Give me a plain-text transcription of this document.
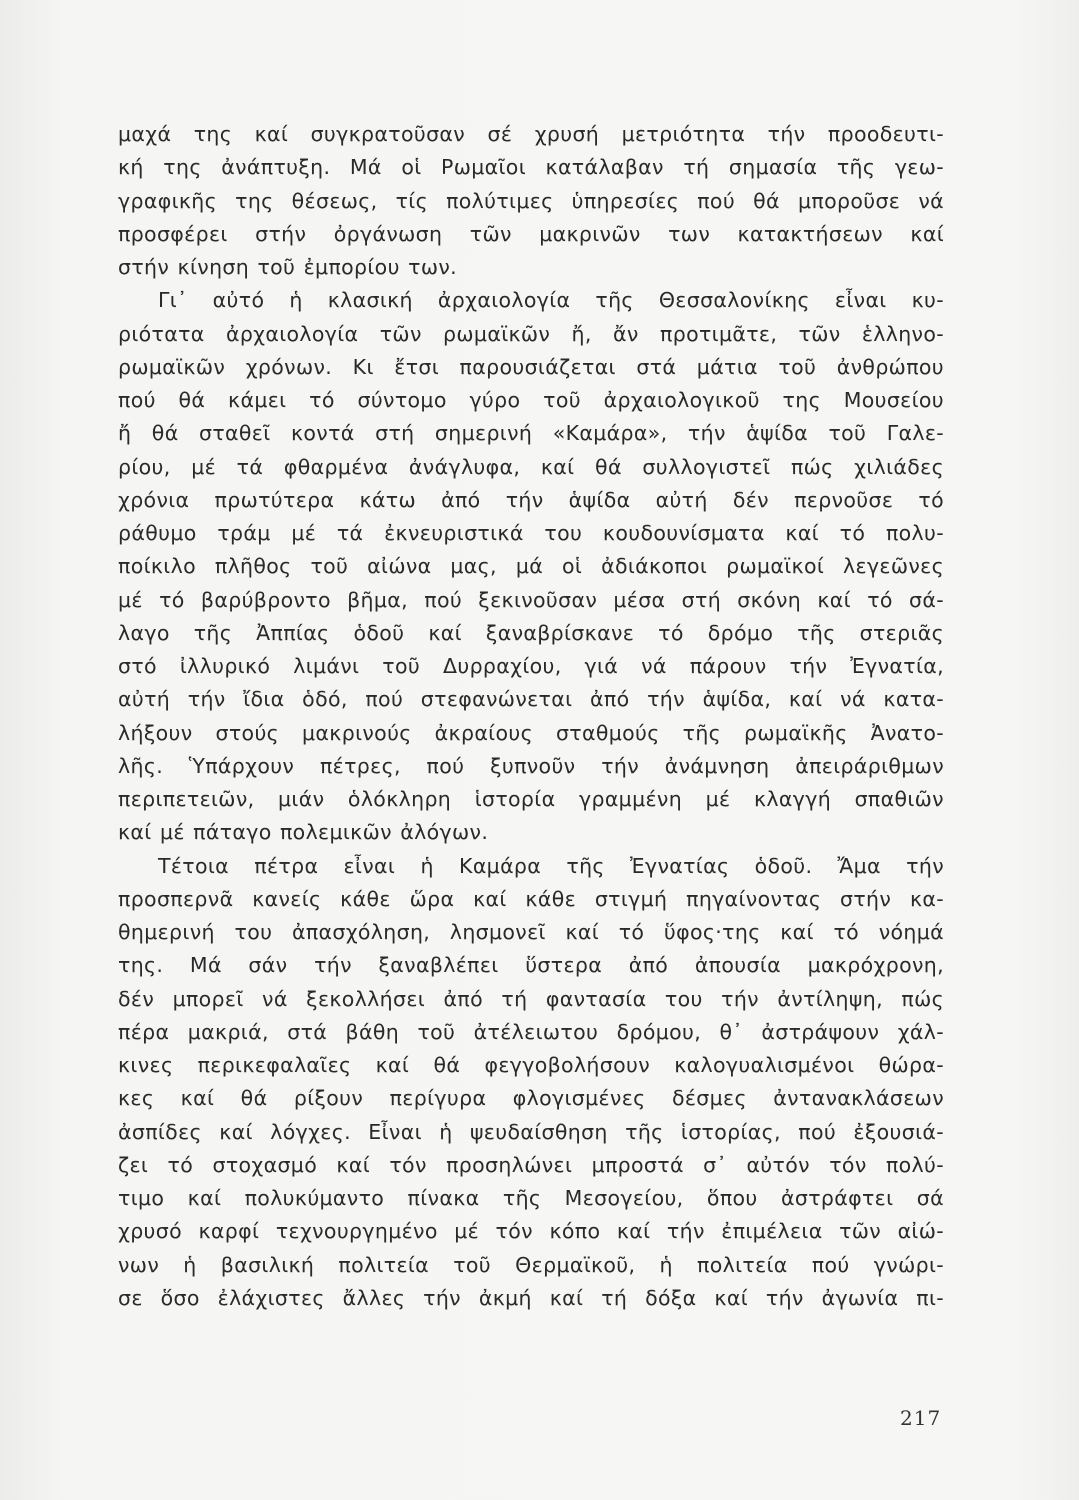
μαχά της καί συγκρατοῦσαν σέ χρυσή μετριότητα τήν προοδευτι-
κή της ἀνάπτυξη. Μά οἱ Ρωμαῖοι κατάλαβαν τή σημασία τῆς γεω-
γραφικῆς της θέσεως, τίς πολύτιμες ὑπηρεσίες πού θά μποροῦσε νά
προσφέρει στήν ὀργάνωση τῶν μακρινῶν των κατακτήσεων καί
στήν κίνηση τοῦ ἐμπορίου των.
Γι᾿ αὐτό ἡ κλασική ἀρχαιολογία τῆς Θεσσαλονίκης εἶναι κυ-
ριότατα ἀρχαιολογία τῶν ρωμαϊκῶν ἤ, ἄν προτιμᾶτε, τῶν ἑλληνο-
ρωμαϊκῶν χρόνων. Κι ἔτσι παρουσιάζεται στά μάτια τοῦ ἀνθρώπου
πού θά κάμει τό σύντομο γύρο τοῦ ἀρχαιολογικοῦ της Μουσείου
ἤ θά σταθεῖ κοντά στή σημερινή «Καμάρα», τήν ἁψίδα τοῦ Γαλε-
ρίου, μέ τά φθαρμένα ἀνάγλυφα, καί θά συλλογιστεῖ πώς χιλιάδες
χρόνια πρωτύτερα κάτω ἀπό τήν ἁψίδα αὐτή δέν περνοῦσε τό
ράθυμο τράμ μέ τά ἐκνευριστικά του κουδουνίσματα καί τό πολυ-
ποίκιλο πλῆθος τοῦ αἰώνα μας, μά οἱ ἀδιάκοποι ρωμαϊκοί λεγεῶνες
μέ τό βαρύβροντο βῆμα, πού ξεκινοῦσαν μέσα στή σκόνη καί τό σά-
λαγο τῆς Ἀππίας ὁδοῦ καί ξαναβρίσκανε τό δρόμο τῆς στεριᾶς
στό ἰλλυρικό λιμάνι τοῦ Δυρραχίου, γιά νά πάρουν τήν Ἐγνατία,
αὐτή τήν ἴδια ὁδό, πού στεφανώνεται ἀπό τήν ἁψίδα, καί νά κατα-
λήξουν στούς μακρινούς ἀκραίους σταθμούς τῆς ρωμαϊκῆς Ἀνατο-
λῆς. Ὑπάρχουν πέτρες, πού ξυπνοῦν τήν ἀνάμνηση ἀπειράριθμων
περιπετειῶν, μιάν ὁλόκληρη ἱστορία γραμμένη μέ κλαγγή σπαθιῶν
καί μέ πάταγο πολεμικῶν ἀλόγων.
Τέτοια πέτρα εἶναι ἡ Καμάρα τῆς Ἐγνατίας ὁδοῦ. Ἄμα τήν
προσπερνᾶ κανείς κάθε ὥρα καί κάθε στιγμή πηγαίνοντας στήν κα-
θημερινή του ἀπασχόληση, λησμονεῖ καί τό ὕφος·της καί τό νόημά
της. Μά σάν τήν ξαναβλέπει ὕστερα ἀπό ἀπουσία μακρόχρονη,
δέν μπορεῖ νά ξεκολλήσει ἀπό τή φαντασία του τήν ἀντίληψη, πώς
πέρα μακριά, στά βάθη τοῦ ἀτέλειωτου δρόμου, θ᾿ ἀστράψουν χάλ-
κινες περικεφαλαῖες καί θά φεγγοβολήσουν καλογυαλισμένοι θώρα-
κες καί θά ρίξουν περίγυρα φλογισμένες δέσμες ἀντανακλάσεων
ἀσπίδες καί λόγχες. Εἶναι ἡ ψευδαίσθηση τῆς ἱστορίας, πού ἐξουσιά-
ζει τό στοχασμό καί τόν προσηλώνει μπροστά σ᾿ αὐτόν τόν πολύ-
τιμο καί πολυκύμαντο πίνακα τῆς Μεσογείου, ὅπου ἀστράφτει σά
χρυσό καρφί τεχνουργημένο μέ τόν κόπο καί τήν ἐπιμέλεια τῶν αἰώ-
νων ἡ βασιλική πολιτεία τοῦ Θερμαϊκοῦ, ἡ πολιτεία πού γνώρι-
σε ὅσο ἐλάχιστες ἄλλες τήν ἀκμή καί τή δόξα καί τήν ἀγωνία πι-
217
